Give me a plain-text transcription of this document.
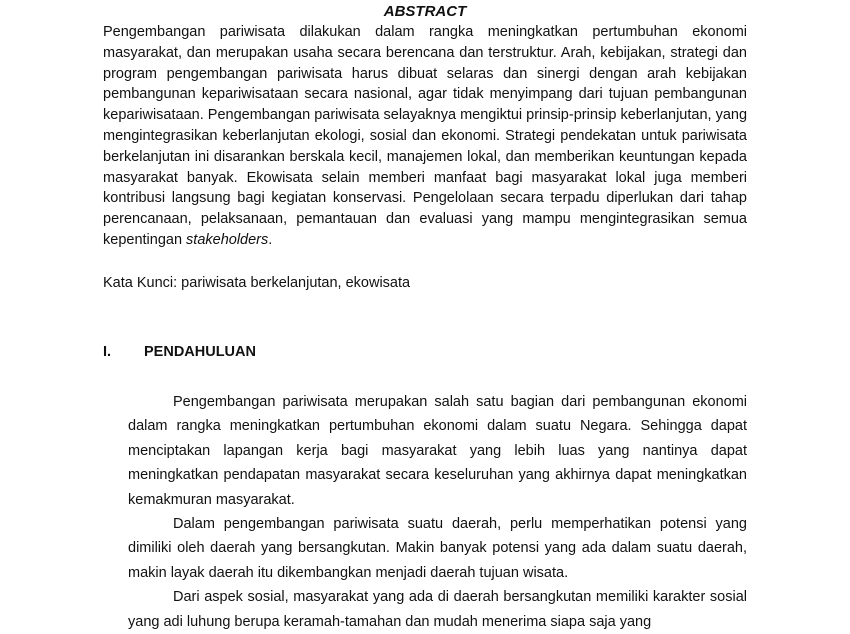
ABSTRACT

Pengembangan pariwisata dilakukan dalam rangka meningkatkan pertumbuhan ekonomi masyarakat, dan merupakan usaha secara berencana dan terstruktur. Arah, kebijakan, strategi dan program pengembangan pariwisata harus dibuat selaras dan sinergi dengan arah kebijakan pembangunan kepariwisataan secara nasional, agar tidak menyimpang dari tujuan pembangunan kepariwisataan. Pengembangan pariwisata selayaknya mengiktui prinsip-prinsip keberlanjutan, yang mengintegrasikan keberlanjutan ekologi, sosial dan ekonomi. Strategi pendekatan untuk pariwisata berkelanjutan ini disarankan berskala kecil, manajemen lokal, dan memberikan keuntungan kepada masyarakat banyak. Ekowisata selain memberi manfaat bagi masyarakat lokal juga memberi kontribusi langsung bagi kegiatan konservasi. Pengelolaan secara terpadu diperlukan dari tahap perencanaan, pelaksanaan, pemantauan dan evaluasi yang mampu mengintegrasikan semua kepentingan stakeholders.

Kata Kunci: pariwisata berkelanjutan, ekowisata

I. PENDAHULUAN

Pengembangan pariwisata merupakan salah satu bagian dari pembangunan ekonomi dalam rangka meningkatkan pertumbuhan ekonomi dalam suatu Negara. Sehingga dapat menciptakan lapangan kerja bagi masyarakat yang lebih luas yang nantinya dapat meningkatkan pendapatan masyarakat secara keseluruhan yang akhirnya dapat meningkatkan kemakmuran masyarakat.

Dalam pengembangan pariwisata suatu daerah, perlu memperhatikan potensi yang dimiliki oleh daerah yang bersangkutan. Makin banyak potensi yang ada dalam suatu daerah, makin layak daerah itu dikembangkan menjadi daerah tujuan wisata.

Dari aspek sosial, masyarakat yang ada di daerah bersangkutan memiliki karakter sosial yang adi luhung berupa keramah-tamahan dan mudah menerima siapa saja yang
